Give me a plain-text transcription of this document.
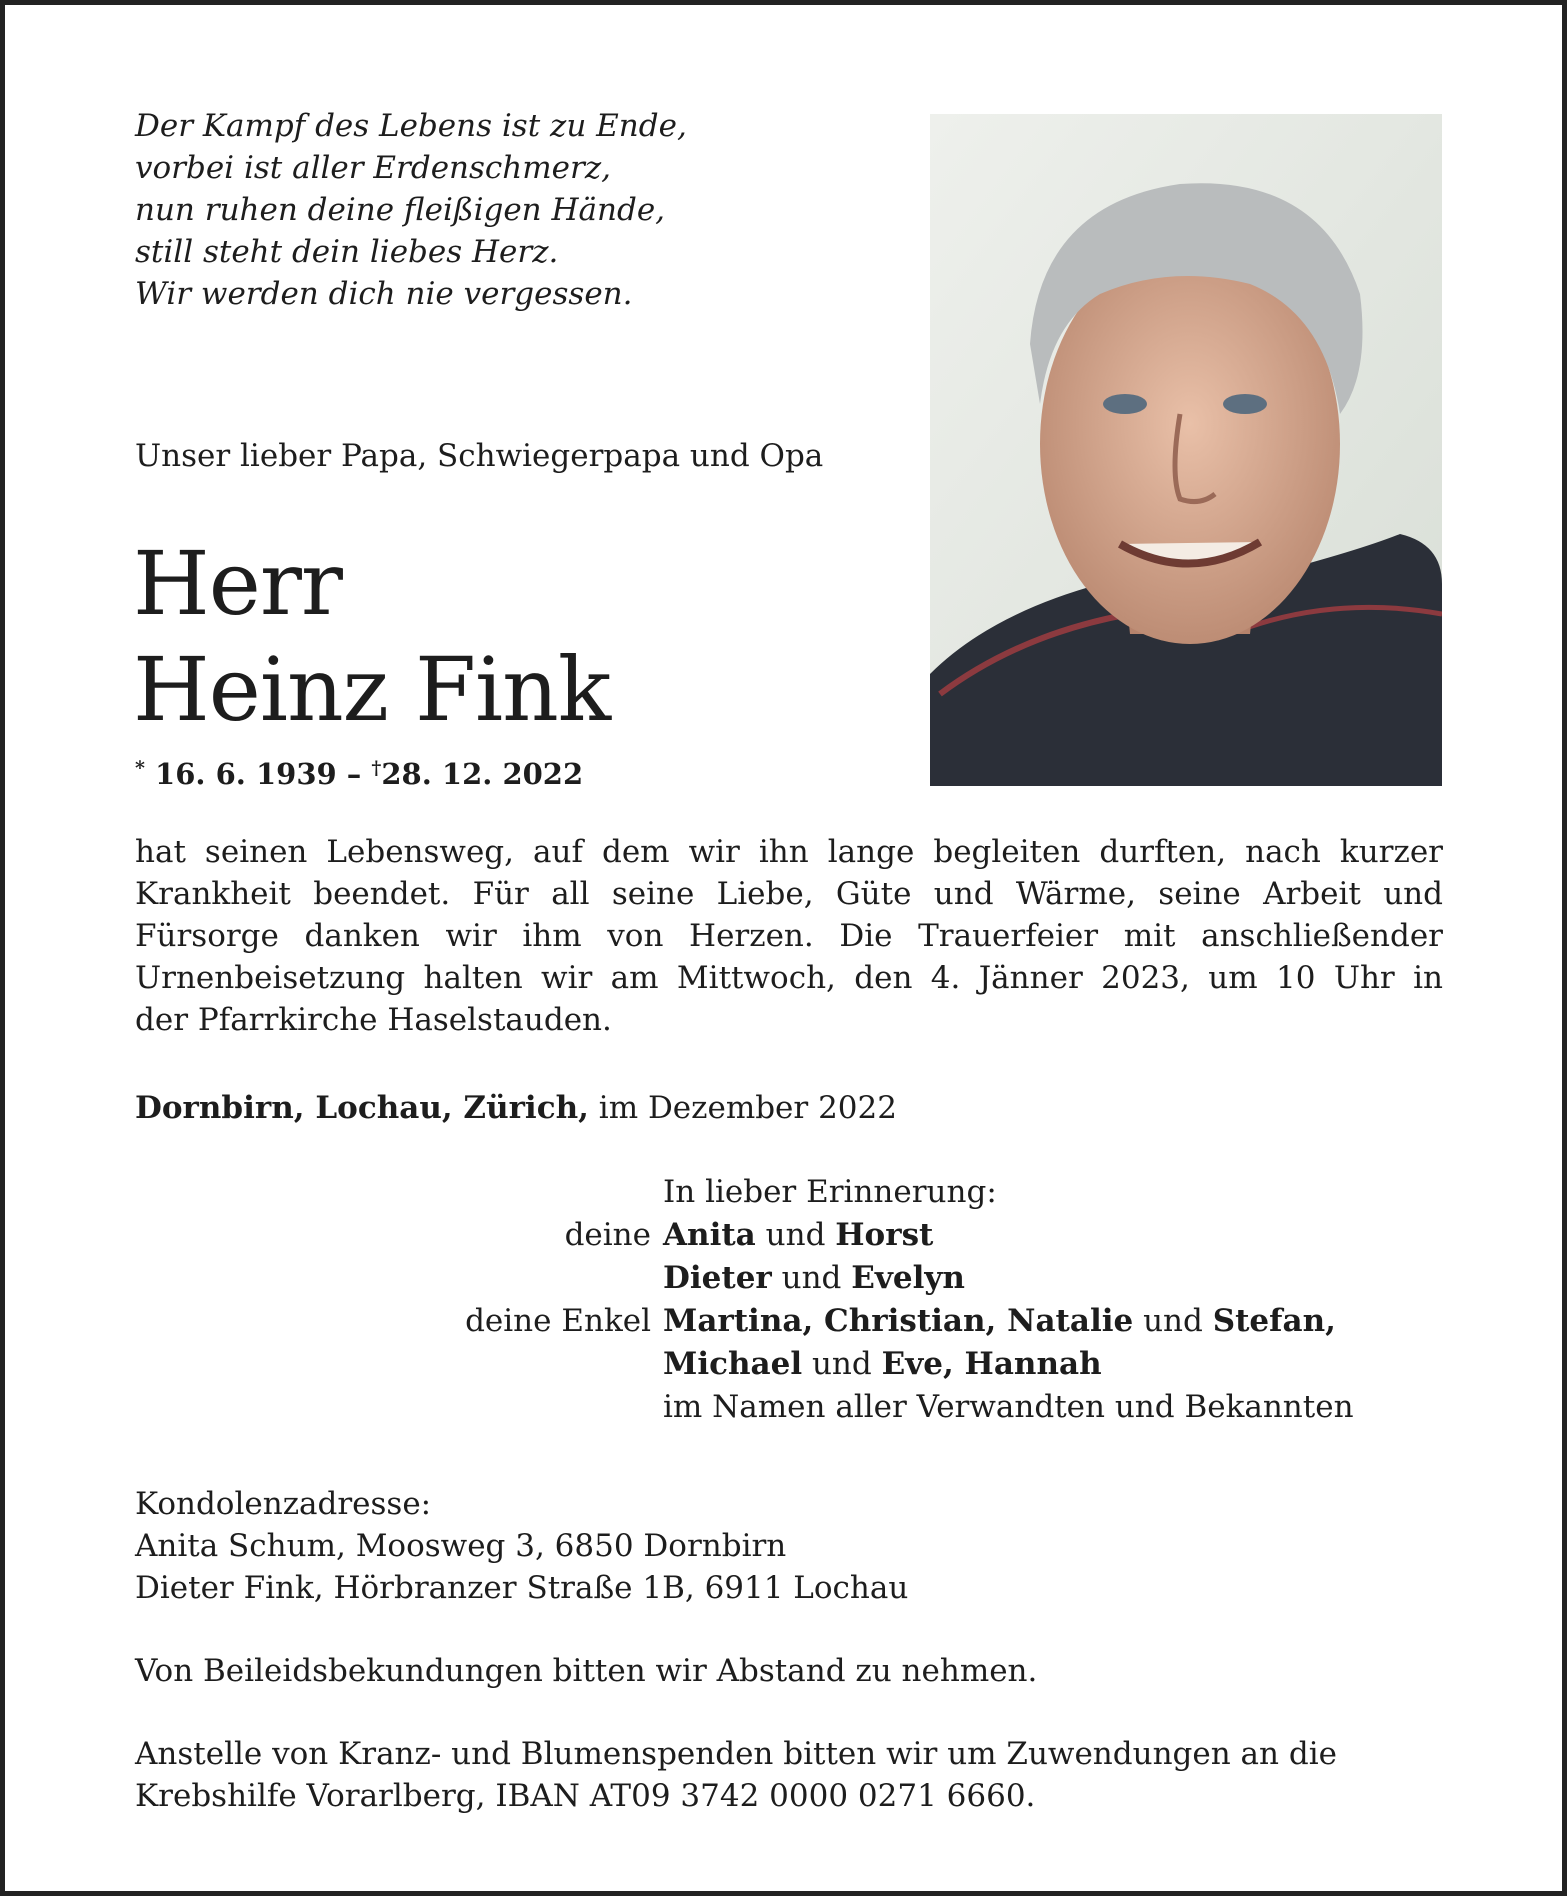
Der Kampf des Lebens ist zu Ende,
vorbei ist aller Erdenschmerz,
nun ruhen deine fleißigen Hände,
still steht dein liebes Herz.
Wir werden dich nie vergessen.
Unser lieber Papa, Schwiegerpapa und Opa
Herr
Heinz Fink
* 16. 6. 1939 – †28. 12. 2022
hat seinen Lebensweg, auf dem wir ihn lange begleiten durften, nach kurzer
Krankheit beendet. Für all seine Liebe, Güte und Wärme, seine Arbeit und
Fürsorge danken wir ihm von Herzen. Die Trauerfeier mit anschließender
Urnenbeisetzung halten wir am Mittwoch, den 4. Jänner 2023, um 10 Uhr in
der Pfarrkirche Haselstauden.
Dornbirn, Lochau, Zürich, im Dezember 2022
In lieber Erinnerung:
deine Anita und Horst
Dieter und Evelyn
deine Enkel Martina, Christian, Natalie und Stefan,
Michael und Eve, Hannah
im Namen aller Verwandten und Bekannten
Kondolenzadresse:
Anita Schum, Moosweg 3, 6850 Dornbirn
Dieter Fink, Hörbranzer Straße 1B, 6911 Lochau
Von Beileidsbekundungen bitten wir Abstand zu nehmen.
Anstelle von Kranz- und Blumenspenden bitten wir um Zuwendungen an die
Krebshilfe Vorarlberg, IBAN AT09 3742 0000 0271 6660.
